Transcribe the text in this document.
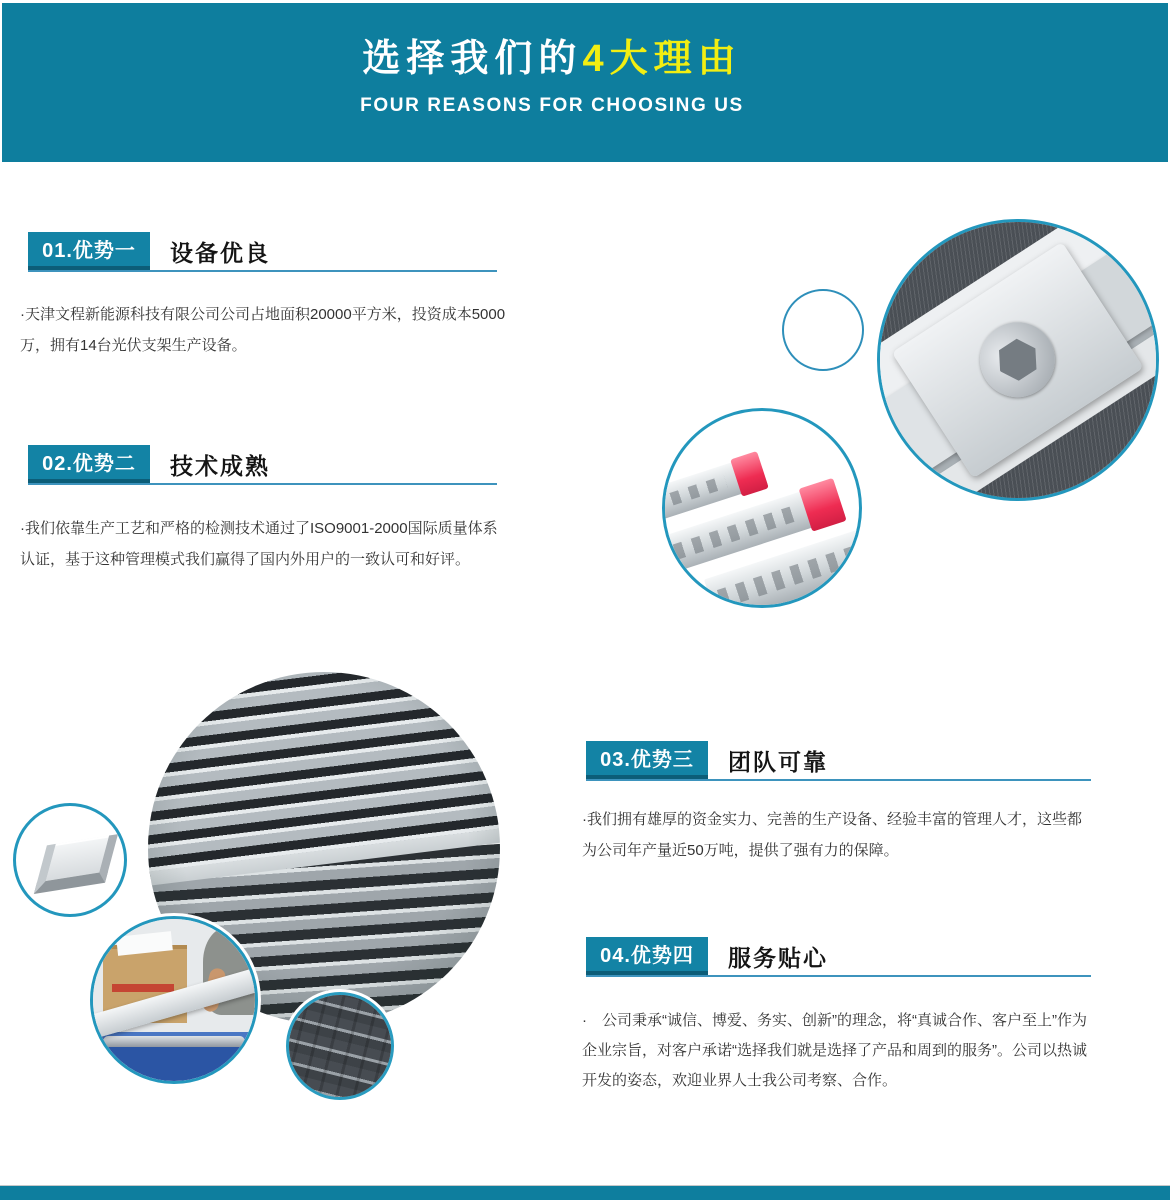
选择我们的4大理由
FOUR REASONS FOR CHOOSING US
01.优势一	设备优良

·天津文程新能源科技有限公司公司占地面积20000平方米，投资成本5000万，拥有14台光伏支架生产设备。

02.优势二	技术成熟

·我们依靠生产工艺和严格的检测技术通过了ISO9001-2000国际质量体系认证，基于这种管理模式我们赢得了国内外用户的一致认可和好评。

03.优势三	团队可靠

·我们拥有雄厚的资金实力、完善的生产设备、经验丰富的管理人才，这些都为公司年产量近50万吨，提供了强有力的保障。

04.优势四	服务贴心

·　公司秉承“诚信、博爱、务实、创新”的理念，将“真诚合作、客户至上”作为企业宗旨，对客户承诺“选择我们就是选择了产品和周到的服务”。公司以热诚开发的姿态，欢迎业界人士我公司考察、合作。
